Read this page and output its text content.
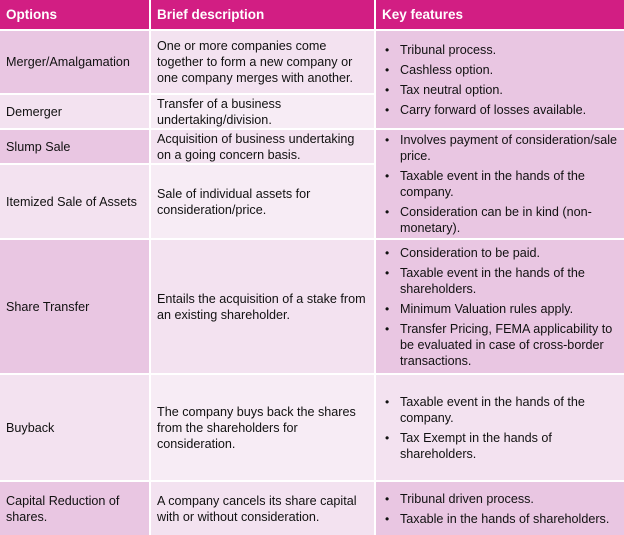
Options	Brief description	Key features
Merger/Amalgamation
One or more companies come together to form a new company or one company merges with another.
Demerger
Transfer of a business undertaking/division.
• Tribunal process.
• Cashless option.
• Tax neutral option.
• Carry forward of losses available.
Slump Sale
Acquisition of business undertaking on a going concern basis.
Itemized Sale of Assets
Sale of individual assets for consideration/price.
• Involves payment of consideration/sale price.
• Taxable event in the hands of the company.
• Consideration can be in kind (non-monetary).
Share Transfer
Entails the acquisition of a stake from an existing shareholder.
• Consideration to be paid.
• Taxable event in the hands of the shareholders.
• Minimum Valuation rules apply.
• Transfer Pricing, FEMA applicability to be evaluated in case of cross-border transactions.
Buyback
The company buys back the shares from the shareholders for consideration.
• Taxable event in the hands of the company.
• Tax Exempt in the hands of shareholders.
Capital Reduction of shares.
A company cancels its share capital with or without consideration.
• Tribunal driven process.
• Taxable in the hands of shareholders.
